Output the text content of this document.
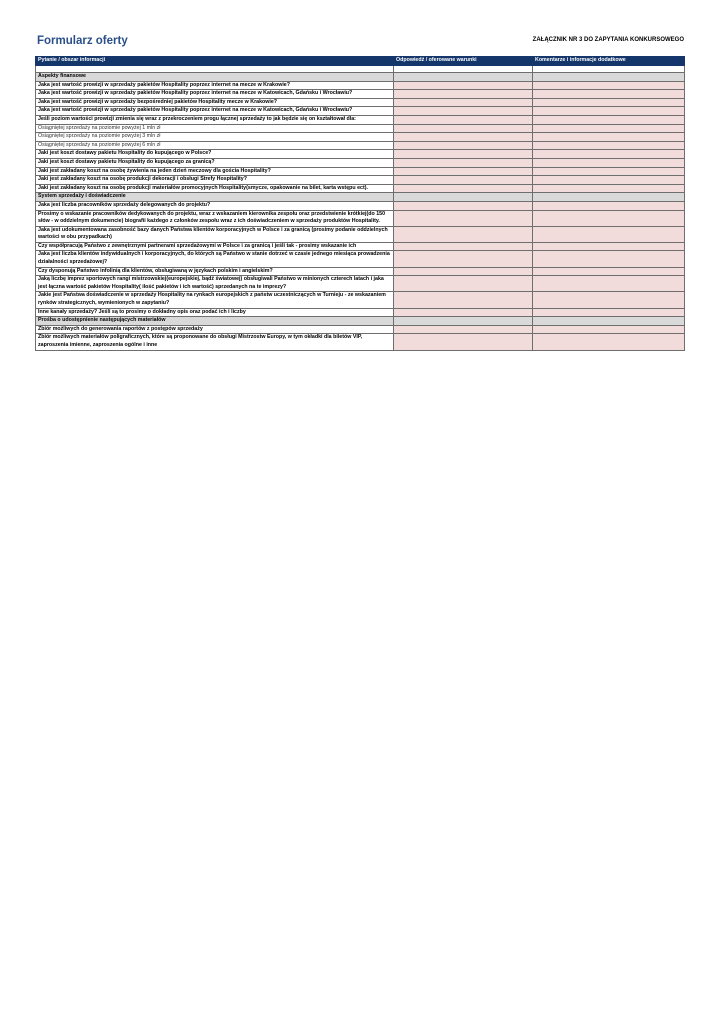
Formularz oferty	ZAŁĄCZNIK NR 3 DO ZAPYTANIA KONKURSOWEGO
Pytanie / obszar informacji	Odpowiedź / oferowane warunki	Komentarze i informacje dodatkowe

Aspekty finansowe		
Jaka jest wartość prowizji w sprzedaży pakietów Hospitality poprzez internet na mecze w Krakowie?		
Jaka jest wartość prowizji w sprzedaży pakietów Hospitality poprzez internet na mecze w Katowicach, Gdańsku i Wrocławiu?		
Jaka jest wartość prowizji w sprzedaży bezpośredniej pakietów Hospitality mecze w Krakowie?		
Jaka jest wartość prowizji w sprzedaży pakietów Hospitality poprzez internet na mecze w Katowicach, Gdańsku i Wrocławiu?		
Jeśli poziom wartości prowizji zmienia się wraz z przekroczeniem progu łącznej sprzedaży to jak będzie się on kształtował dla:		
Osiągniętej sprzedaży na poziomie powyżej 1 mln zł		
Osiągniętej sprzedaży na poziomie powyżej 3 mln zł		
Osiągniętej sprzedaży na poziomie powyżej 6 mln zł		
Jaki jest koszt dostawy pakietu Hospitality do kupującego w Polsce?		
Jaki jest koszt dostawy pakietu Hospitality do kupującego za granicą?		
Jaki jest zakładany koszt na osobę żywienia na jeden dzień meczowy dla gościa Hospitality?		
Jaki jest zakładany koszt na osobę produkcji dekoracji i obsługi Strefy Hospitality?		
Jaki jest zakładany koszt na osobę produkcji materiałów promocyjnych Hospitality(smycze, opakowanie na bilet, karta wstępu ect).		
System sprzedaży i doświadczenie		
Jaka jest liczba pracowników sprzedaży delegowanych do projektu?		
Prosimy o wskazanie pracowników dedykowanych do projektu, wraz z wskazaniem kierownika zespołu oraz przedstwienie krótkiej(do 150 słów - w oddzielnym dokumencie) biografii każdego z członków zespołu wraz z ich doświadczeniem w sprzedaży produktów Hospitality.		
Jaka jest udokumentowana zasobność bazy danych Państwa klientów korporacyjnych w Polsce i za granicą (prosimy podanie oddzielnych wartości w obu przypadkach)		
Czy współpracują Państwo z zewnętrznymi partnerami sprzedażowymi w Polsce i za granicą i jeśli tak - prosimy wskazanie ich		
Jaka jest liczba klientów indywidualnych i korporacyjnych, do których są Państwo w stanie dotrzeć w czasie jednego miesiąca prowadzenia działalności sprzedażowej?		
Czy dysponują Państwo infolinią dla klientów, obsługiwaną w językach polskim i angielskim?		
Jaką liczbę imprez sportowych rangi mistrzowskiej(europejskiej, bądź światowej) obsługiwali Państwo w minionych czterech latach i jaka jest łączna wartość pakietów Hospitality( ilość pakietów i ich wartość) sprzedanych na te imprezy?		
Jakie jest Państwa doświadczenie w sprzedaży Hospitality na rynkach europejskich z państw uczestniczących w Turnieju - ze wskazaniem rynków strategicznych, wymienionych w zapytaniu?		
Inne kanały sprzedaży? Jeśli są to prosimy o dokładny opis oraz podać ich i liczby		
Prośba o udostępnienie następujących materiałów		
Zbiór możliwych do generowania raportów z postępów sprzedaży		
Zbiór możliwych materiałów poligraficznych, które są proponowane do obsługi Mistrzostw Europy, w tym okładki dla biletów VIP, zaproszenia imienne, zaproszenia ogólne i inne		
